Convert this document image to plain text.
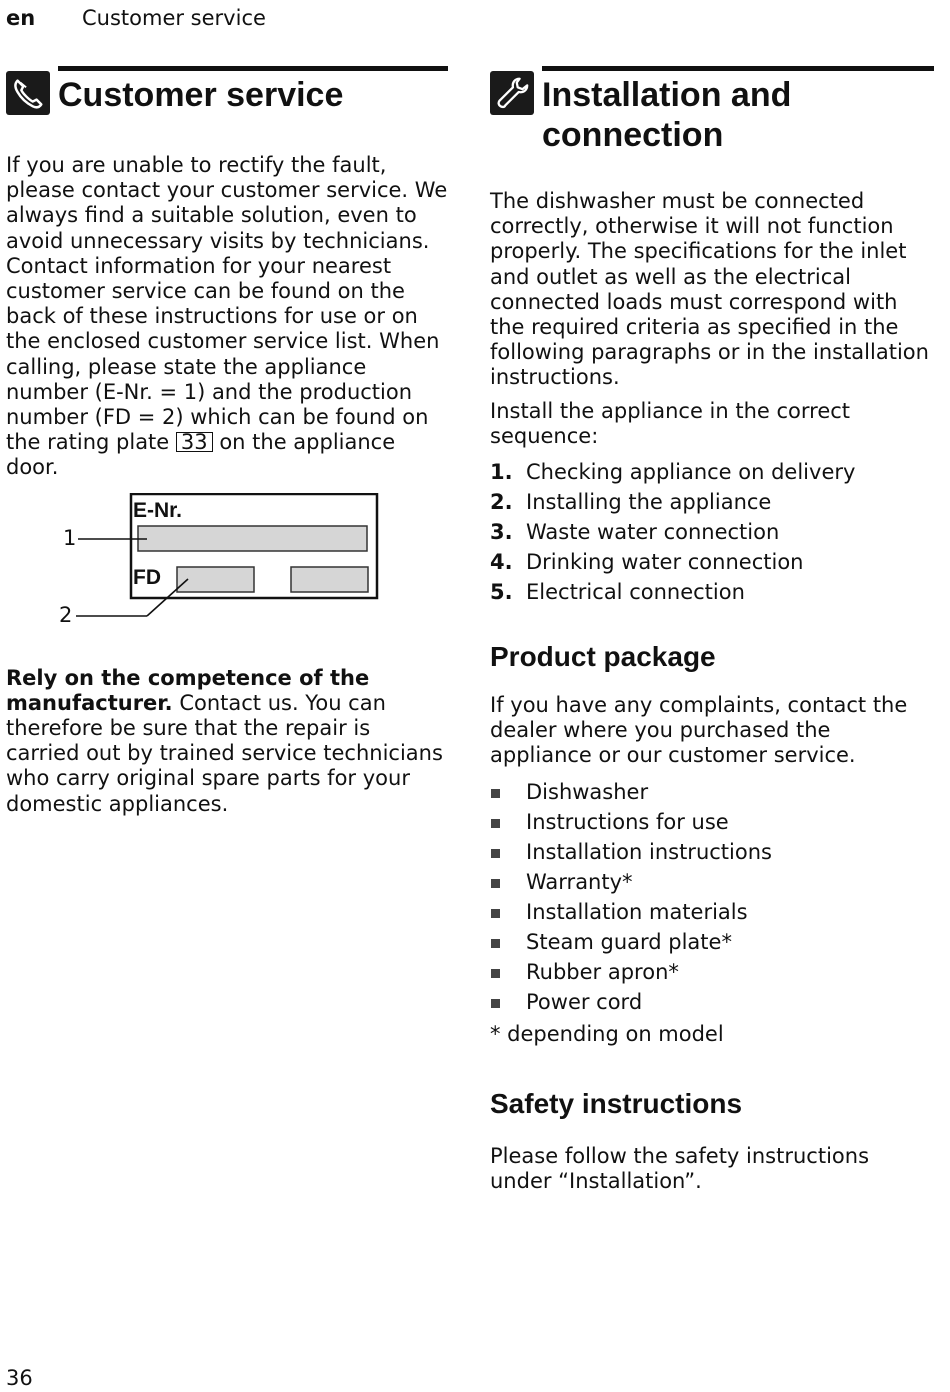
en Customer service
Customer service

If you are unable to rectify the fault, please contact your customer service. We always find a suitable solution, even to avoid unnecessary visits by technicians. Contact information for your nearest customer service can be found on the back of these instructions for use or on the enclosed customer service list. When calling, please state the appliance number (E-Nr. = 1) and the production number (FD = 2) which can be found on the rating plate 33 on the appliance door.

E-Nr.
FD
1
2

Rely on the competence of the manufacturer. Contact us. You can therefore be sure that the repair is carried out by trained service technicians who carry original spare parts for your domestic appliances.

Installation and connection

The dishwasher must be connected correctly, otherwise it will not function properly. The specifications for the inlet and outlet as well as the electrical connected loads must correspond with the required criteria as specified in the following paragraphs or in the installation instructions.

Install the appliance in the correct sequence:

1. Checking appliance on delivery
2. Installing the appliance
3. Waste water connection
4. Drinking water connection
5. Electrical connection
Product package

If you have any complaints, contact the dealer where you purchased the appliance or our customer service.

Dishwasher
Instructions for use
Installation instructions
Warranty*
Installation materials
Steam guard plate*
Rubber apron*
Power cord

* depending on model

Safety instructions

Please follow the safety instructions under “Installation”.

36
